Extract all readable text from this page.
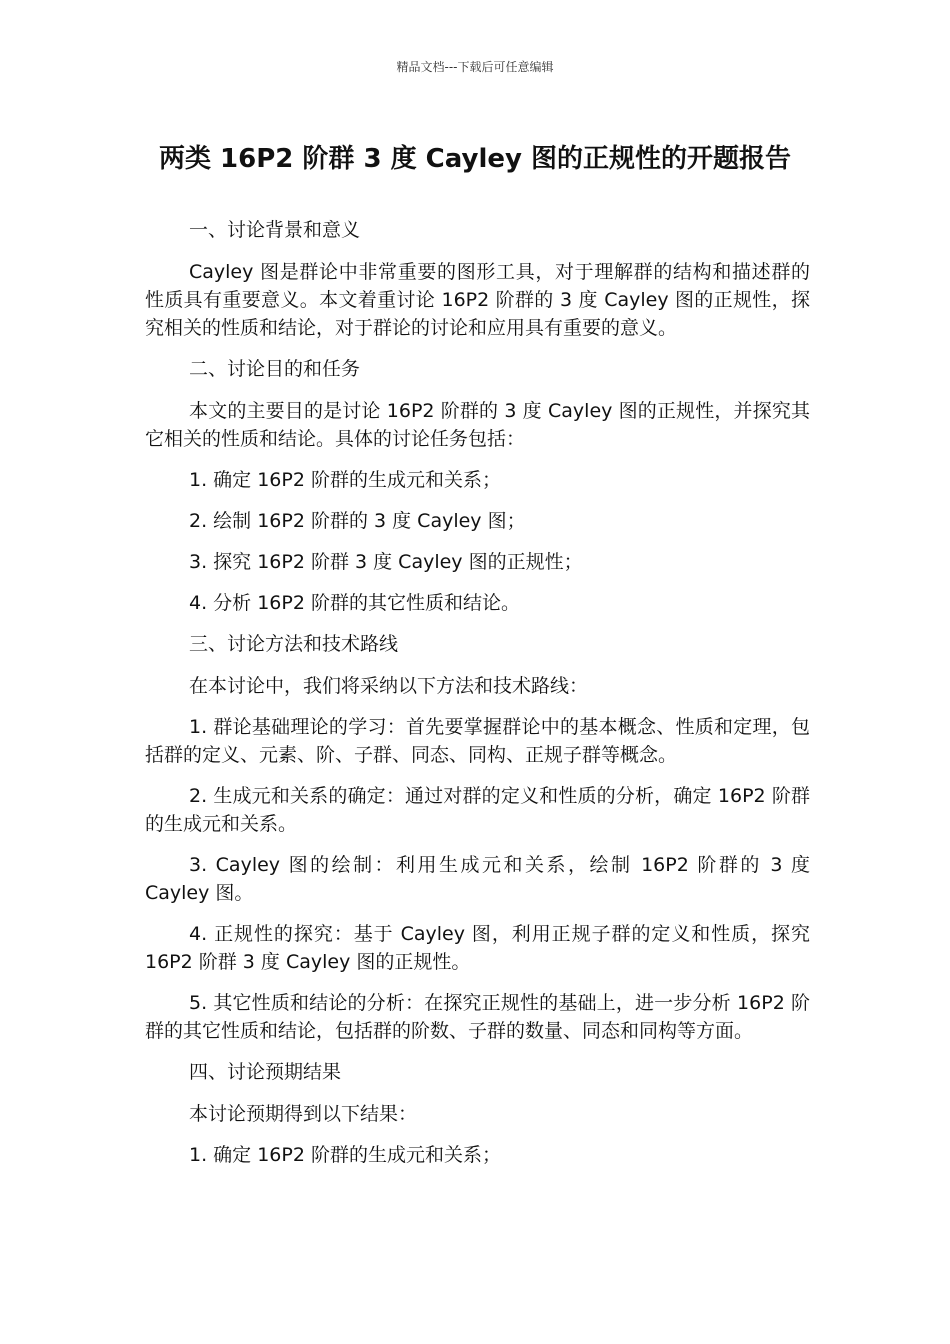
精品文档---下载后可任意编辑
两类 16P2 阶群 3 度 Cayley 图的正规性的开题报告

一、讨论背景和意义

Cayley 图是群论中非常重要的图形工具，对于理解群的结构和描述群的性质具有重要意义。本文着重讨论 16P2 阶群的 3 度 Cayley 图的正规性，探究相关的性质和结论，对于群论的讨论和应用具有重要的意义。

二、讨论目的和任务

本文的主要目的是讨论 16P2 阶群的 3 度 Cayley 图的正规性，并探究其它相关的性质和结论。具体的讨论任务包括：

1. 确定 16P2 阶群的生成元和关系；

2. 绘制 16P2 阶群的 3 度 Cayley 图；

3. 探究 16P2 阶群 3 度 Cayley 图的正规性；

4. 分析 16P2 阶群的其它性质和结论。

三、讨论方法和技术路线

在本讨论中，我们将采纳以下方法和技术路线：

1. 群论基础理论的学习：首先要掌握群论中的基本概念、性质和定理，包括群的定义、元素、阶、子群、同态、同构、正规子群等概念。

2. 生成元和关系的确定：通过对群的定义和性质的分析，确定 16P2 阶群的生成元和关系。

3. Cayley 图的绘制：利用生成元和关系，绘制 16P2 阶群的 3 度 Cayley 图。

4. 正规性的探究：基于 Cayley 图，利用正规子群的定义和性质，探究 16P2 阶群 3 度 Cayley 图的正规性。

5. 其它性质和结论的分析：在探究正规性的基础上，进一步分析 16P2 阶群的其它性质和结论，包括群的阶数、子群的数量、同态和同构等方面。

四、讨论预期结果

本讨论预期得到以下结果：

1. 确定 16P2 阶群的生成元和关系；
